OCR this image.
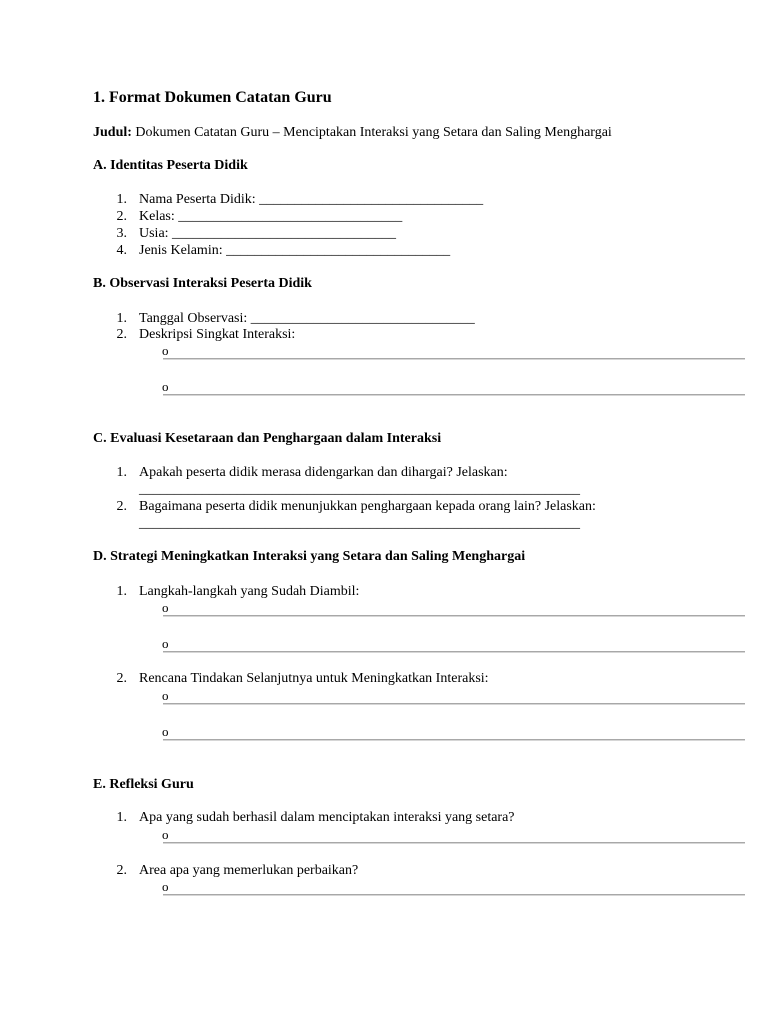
1. Format Dokumen Catatan Guru
Judul: Dokumen Catatan Guru – Menciptakan Interaksi yang Setara dan Saling Menghargai
A. Identitas Peserta Didik
1. Nama Peserta Didik: ________________________________
2. Kelas: ________________________________
3. Usia: ________________________________
4. Jenis Kelamin: ________________________________
B. Observasi Interaksi Peserta Didik
1. Tanggal Observasi: ________________________________
2. Deskripsi Singkat Interaksi:
o
o
C. Evaluasi Kesetaraan dan Penghargaan dalam Interaksi
1. Apakah peserta didik merasa didengarkan dan dihargai? Jelaskan:
_______________________________________________________________
2. Bagaimana peserta didik menunjukkan penghargaan kepada orang lain? Jelaskan:
_______________________________________________________________
D. Strategi Meningkatkan Interaksi yang Setara dan Saling Menghargai
1. Langkah-langkah yang Sudah Diambil:
o
o
2. Rencana Tindakan Selanjutnya untuk Meningkatkan Interaksi:
o
o
E. Refleksi Guru
1. Apa yang sudah berhasil dalam menciptakan interaksi yang setara?
o
2. Area apa yang memerlukan perbaikan?
o
